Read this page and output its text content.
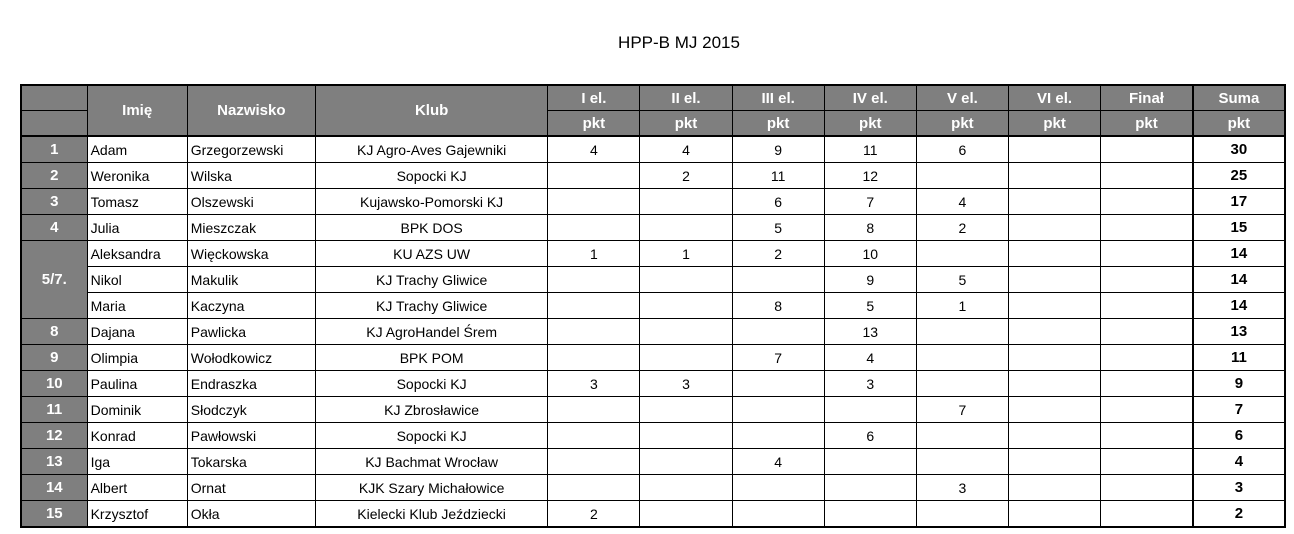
HPP-B MJ 2015
	Imię	Nazwisko	Klub	I el.	II el.	III el.	IV el.	V el.	VI el.	Finał	Suma
				pkt	pkt	pkt	pkt	pkt	pkt	pkt	pkt
1	Adam	Grzegorzewski	KJ Agro-Aves Gajewniki	4	4	9	11	6			30
2	Weronika	Wilska	Sopocki KJ		2	11	12				25
3	Tomasz	Olszewski	Kujawsko-Pomorski KJ			6	7	4			17
4	Julia	Mieszczak	BPK DOS			5	8	2			15
5/7.	Aleksandra	Więckowska	KU AZS UW	1	1	2	10				14
	Nikol	Makulik	KJ Trachy Gliwice				9	5			14
	Maria	Kaczyna	KJ Trachy Gliwice			8	5	1			14
8	Dajana	Pawlicka	KJ AgroHandel Śrem				13				13
9	Olimpia	Wołodkowicz	BPK POM			7	4				11
10	Paulina	Endraszka	Sopocki KJ	3	3		3				9
11	Dominik	Słodczyk	KJ Zbrosławice					7			7
12	Konrad	Pawłowski	Sopocki KJ				6				6
13	Iga	Tokarska	KJ Bachmat Wrocław			4					4
14	Albert	Ornat	KJK Szary Michałowice					3			3
15	Krzysztof	Okła	Kielecki Klub Jeździecki	2							2
